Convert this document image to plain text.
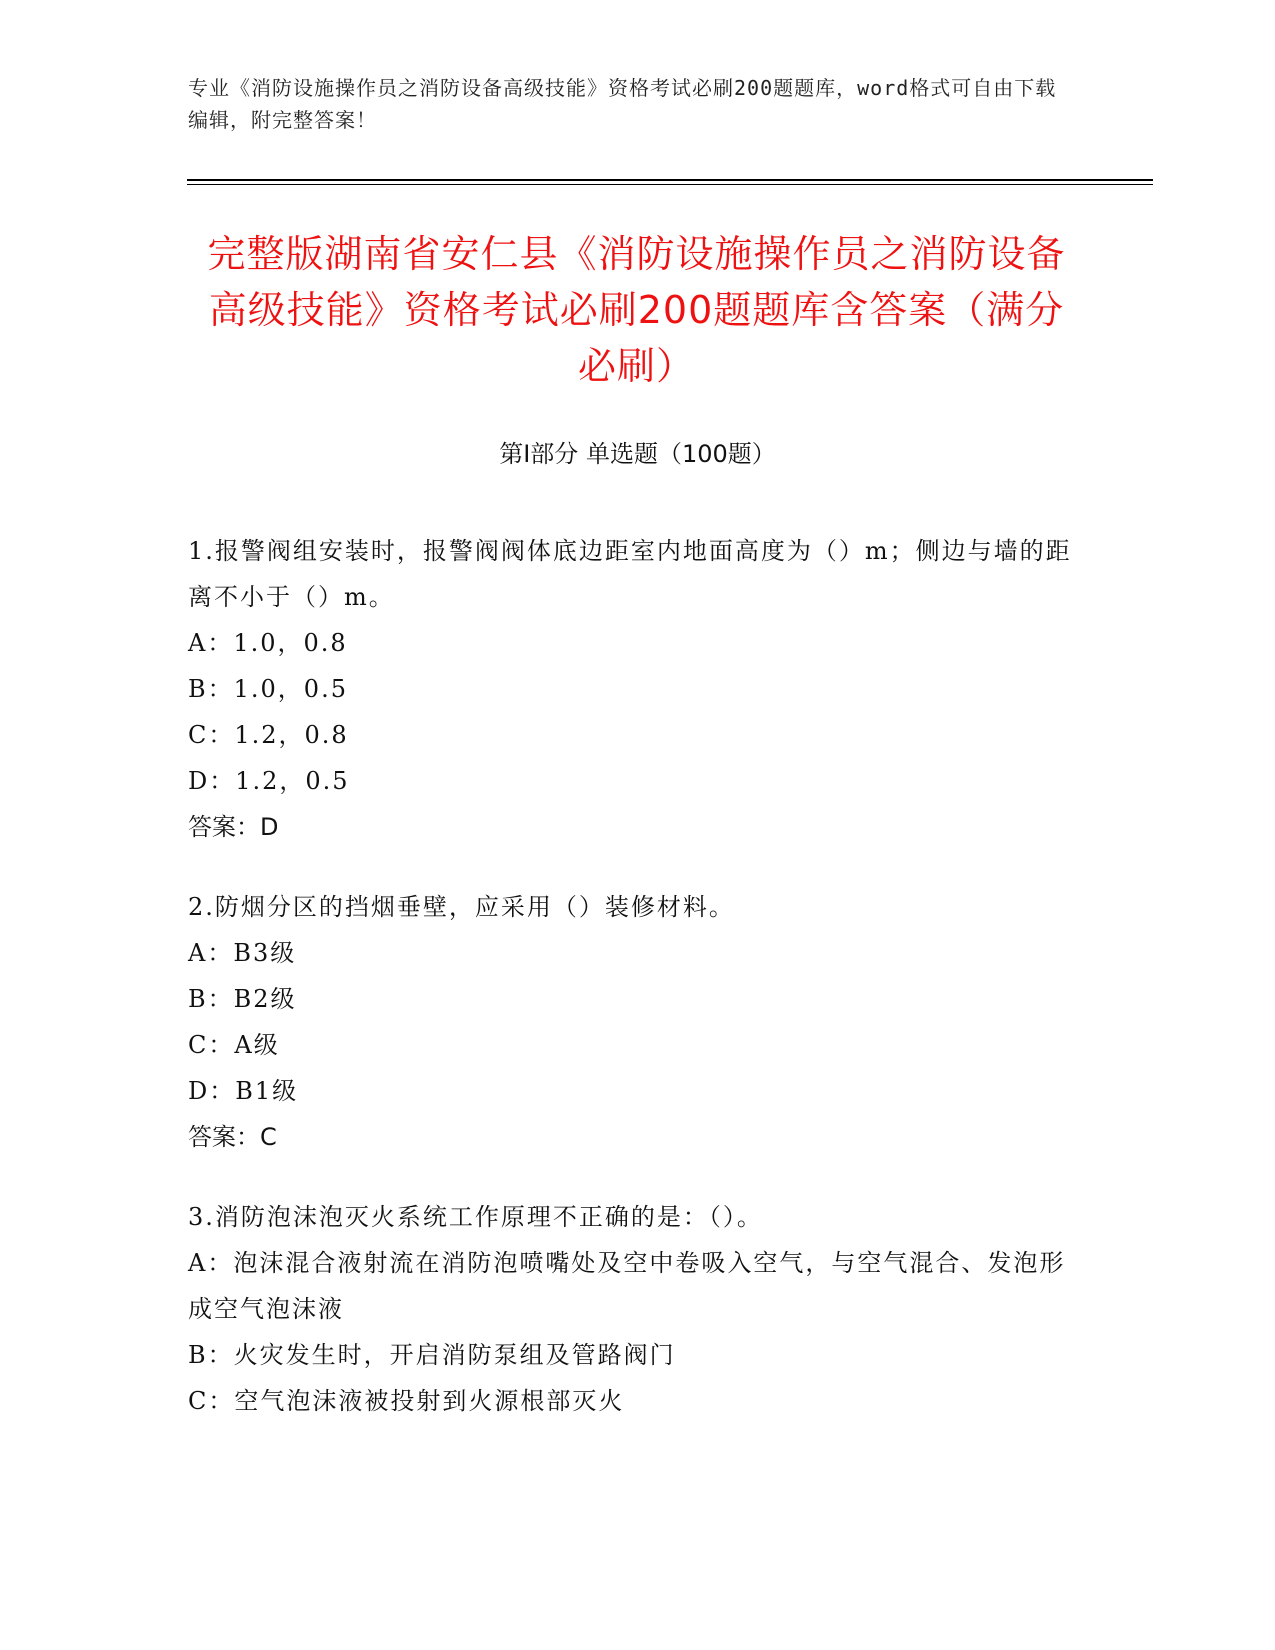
专业《消防设施操作员之消防设备高级技能》资格考试必刷200题题库，word格式可自由下载编辑，附完整答案！
完整版湖南省安仁县《消防设施操作员之消防设备高级技能》资格考试必刷200题题库含答案（满分必刷）
第Ⅰ部分 单选题（100题）

1.报警阀组安装时，报警阀阀体底边距室内地面高度为（）m；侧边与墙的距离不小于（）m。

A：1.0，0.8

B：1.0，0.5

C：1.2，0.8

D：1.2，0.5

答案：D

2.防烟分区的挡烟垂壁，应采用（）装修材料。

A：B3级

B：B2级

C：A级

D：B1级

答案：C

3.消防泡沫泡灭火系统工作原理不正确的是：（）。

A：泡沫混合液射流在消防泡喷嘴处及空中卷吸入空气，与空气混合、发泡形成空气泡沫液

B：火灾发生时，开启消防泵组及管路阀门

C：空气泡沫液被投射到火源根部灭火
